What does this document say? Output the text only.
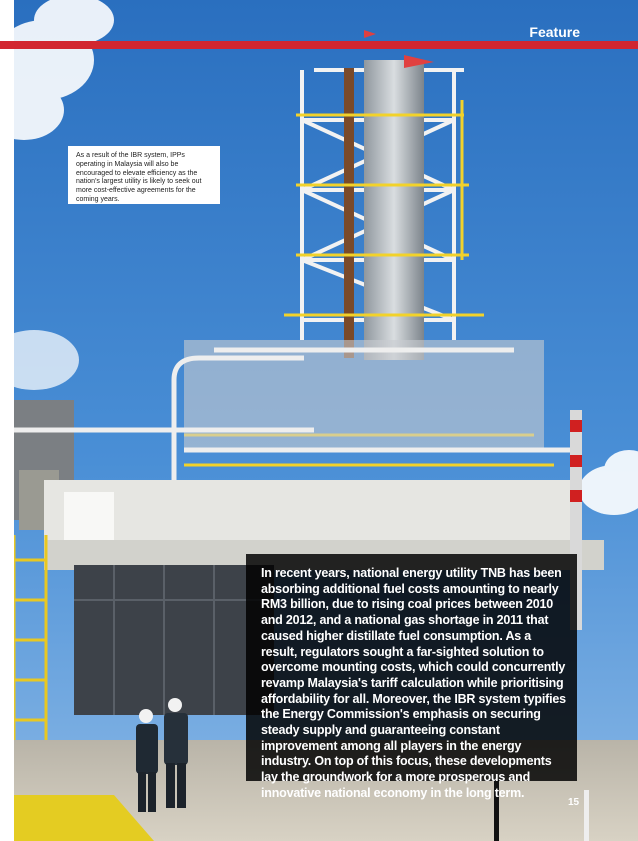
Feature
As a result of the IBR system, IPPs operating in Malaysia will also be encouraged to elevate efficiency as the nation's largest utility is likely to seek out more cost-effective agreements for the coming years.
In recent years, national energy utility TNB has been absorbing additional fuel costs amounting to nearly RM3 billion, due to rising coal prices between 2010 and 2012, and a national gas shortage in 2011 that caused higher distillate fuel consumption. As a result, regulators sought a far-sighted solution to overcome mounting costs, which could concurrently revamp Malaysia's tariff calculation while prioritising affordability for all. Moreover, the IBR system typifies the Energy Commission's emphasis on securing steady supply and guaranteeing constant improvement among all players in the energy industry. On top of this focus, these developments lay the groundwork for a more prosperous and innovative national economy in the long term.
15
